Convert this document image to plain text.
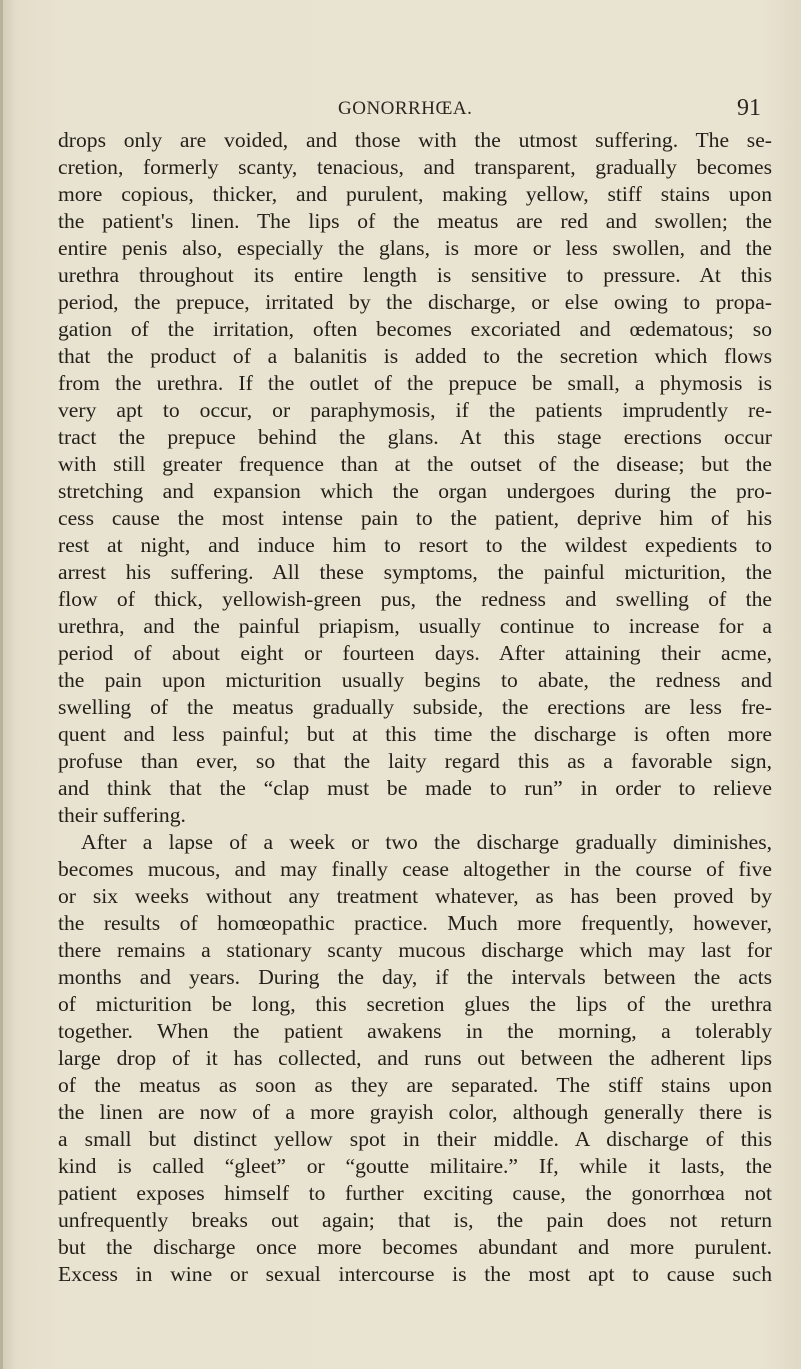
GONORRHŒA.	91
drops only are voided, and those with the utmost suffering. The se-
cretion, formerly scanty, tenacious, and transparent, gradually becomes
more copious, thicker, and purulent, making yellow, stiff stains upon
the patient's linen. The lips of the meatus are red and swollen; the
entire penis also, especially the glans, is more or less swollen, and the
urethra throughout its entire length is sensitive to pressure. At this
period, the prepuce, irritated by the discharge, or else owing to propa-
gation of the irritation, often becomes excoriated and œdematous; so
that the product of a balanitis is added to the secretion which flows
from the urethra. If the outlet of the prepuce be small, a phymosis is
very apt to occur, or paraphymosis, if the patients imprudently re-
tract the prepuce behind the glans. At this stage erections occur
with still greater frequence than at the outset of the disease; but the
stretching and expansion which the organ undergoes during the pro-
cess cause the most intense pain to the patient, deprive him of his
rest at night, and induce him to resort to the wildest expedients to
arrest his suffering. All these symptoms, the painful micturition, the
flow of thick, yellowish-green pus, the redness and swelling of the
urethra, and the painful priapism, usually continue to increase for a
period of about eight or fourteen days. After attaining their acme,
the pain upon micturition usually begins to abate, the redness and
swelling of the meatus gradually subside, the erections are less fre-
quent and less painful; but at this time the discharge is often more
profuse than ever, so that the laity regard this as a favorable sign,
and think that the “clap must be made to run” in order to relieve
their suffering.
After a lapse of a week or two the discharge gradually diminishes,
becomes mucous, and may finally cease altogether in the course of five
or six weeks without any treatment whatever, as has been proved by
the results of homœopathic practice. Much more frequently, however,
there remains a stationary scanty mucous discharge which may last for
months and years. During the day, if the intervals between the acts
of micturition be long, this secretion glues the lips of the urethra
together. When the patient awakens in the morning, a tolerably
large drop of it has collected, and runs out between the adherent lips
of the meatus as soon as they are separated. The stiff stains upon
the linen are now of a more grayish color, although generally there is
a small but distinct yellow spot in their middle. A discharge of this
kind is called “gleet” or “goutte militaire.” If, while it lasts, the
patient exposes himself to further exciting cause, the gonorrhœa not
unfrequently breaks out again; that is, the pain does not return
but the discharge once more becomes abundant and more purulent.
Excess in wine or sexual intercourse is the most apt to cause such
